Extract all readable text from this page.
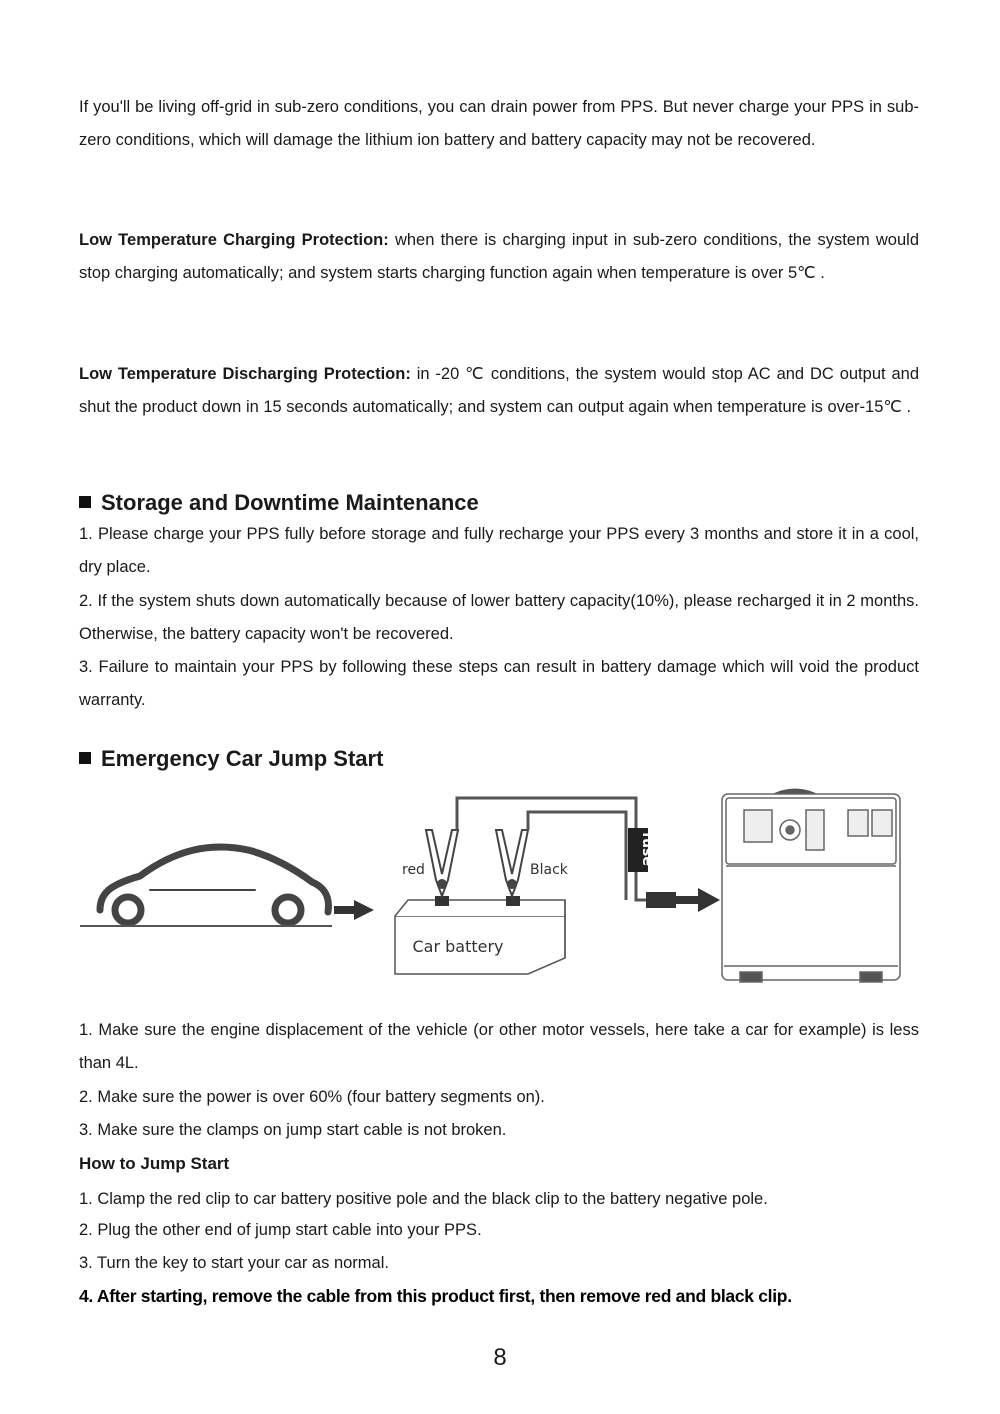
If you'll be living off-grid in sub-zero conditions, you can drain power from PPS. But never charge your PPS in sub-zero conditions, which will damage the lithium ion battery and battery capacity may not be recovered.

Low Temperature Charging Protection: when there is charging input in sub-zero conditions, the system would stop charging automatically; and system starts charging function again when temperature is over 5℃ .

Low Temperature Discharging Protection: in -20 ℃ conditions, the system would stop AC and DC output and shut the product down in 15 seconds automatically; and system can output again when temperature is over-15℃ .

Storage and Downtime Maintenance

1. Please charge your PPS fully before storage and fully recharge your PPS every 3 months and store it in a cool, dry place.

2. If the system shuts down automatically because of lower battery capacity(10%), please recharged it in 2 months. Otherwise, the battery capacity won't be recovered.

3. Failure to maintain your PPS by following these steps can result in battery damage which will void the product warranty.

Emergency Car Jump Start
Car battery
red	Black
fuse

1. Make sure the engine displacement of the vehicle (or other motor vessels, here take a car for example) is less than 4L.

2. Make sure the power is over 60% (four battery segments on).

3. Make sure the clamps on jump start cable is not broken.

How to Jump Start

1. Clamp the red clip to car battery positive pole and the black clip to the battery negative pole.

2. Plug the other end of jump start cable into your PPS.

3. Turn the key to start your car as normal.

4. After starting, remove the cable from this product first, then remove red and black clip.

8
